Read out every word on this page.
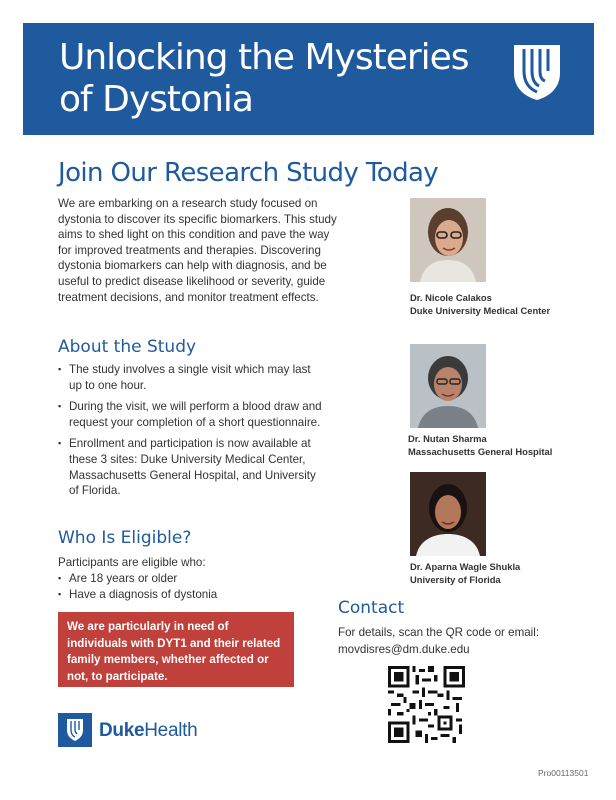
Unlocking the Mysteries of Dystonia
Join Our Research Study Today

We are embarking on a research study focused on dystonia to discover its specific biomarkers. This study aims to shed light on this condition and pave the way for improved treatments and therapies. Discovering dystonia biomarkers can help with diagnosis, and be useful to predict disease likelihood or severity, guide treatment decisions, and monitor treatment effects.

About the Study
▪ The study involves a single visit which may last up to one hour.
▪ During the visit, we will perform a blood draw and request your completion of a short questionnaire.
▪ Enrollment and participation is now available at these 3 sites: Duke University Medical Center, Massachusetts General Hospital, and University of Florida.
Who Is Eligible?

Participants are eligible who:

▪ Are 18 years or older
▪ Have a diagnosis of dystonia
We are particularly in need of individuals with DYT1 and their related family members, whether affected or not, to participate.
DukeHealth
Dr. Nicole Calakos
Duke University Medical Center
Dr. Nutan Sharma
Massachusetts General Hospital
Dr. Aparna Wagle Shukla
University of Florida
Contact

For details, scan the QR code or email: movdisres@dm.duke.edu

Pro00113501
